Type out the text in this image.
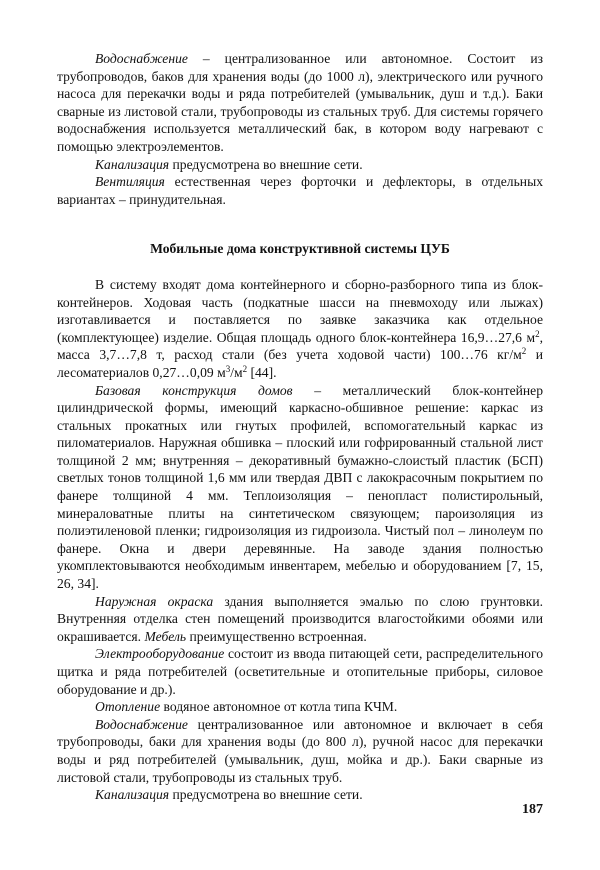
Водоснабжение – централизованное или автономное. Состоит из трубопроводов, баков для хранения воды (до 1000 л), электрического или ручного насоса для перекачки воды и ряда потребителей (умывальник, душ и т.д.). Баки сварные из листовой стали, трубопроводы из стальных труб. Для системы горячего водоснабжения используется металлический бак, в котором воду нагревают с помощью электроэлементов.

Канализация предусмотрена во внешние сети.

Вентиляция естественная через форточки и дефлекторы, в отдельных вариантах – принудительная.

Мобильные дома конструктивной системы ЦУБ

В систему входят дома контейнерного и сборно-разборного типа из блок-контейнеров. Ходовая часть (подкатные шасси на пневмоходу или лыжах) изготавливается и поставляется по заявке заказчика как отдельное (комплектующее) изделие. Общая площадь одного блок-контейнера 16,9…27,6 $м^2$, масса 3,7…7,8 т, расход стали (без учета ходовой части) 100…76 $кг/м^2$ и лесоматериалов 0,27…0,09 $м^3/м^2$ [44].

Базовая конструкция домов – металлический блок-контейнер цилиндрической формы, имеющий каркасно-обшивное решение: каркас из стальных прокатных или гнутых профилей, вспомогательный каркас из пиломатериалов. Наружная обшивка – плоский или гофрированный стальной лист толщиной 2 мм; внутренняя – декоративный бумажно-слоистый пластик (БСП) светлых тонов толщиной 1,6 мм или твердая ДВП с лакокрасочным покрытием по фанере толщиной 4 мм. Теплоизоляция – пенопласт полистирольный, минераловатные плиты на синтетическом связующем; пароизоляция из полиэтиленовой пленки; гидроизоляция из гидроизола. Чистый пол – линолеум по фанере. Окна и двери деревянные. На заводе здания полностью укомплектовываются необходимым инвентарем, мебелью и оборудованием [7, 15, 26, 34].

Наружная окраска здания выполняется эмалью по слою грунтовки. Внутренняя отделка стен помещений производится влагостойкими обоями или окрашивается. Мебель преимущественно встроенная.

Электрооборудование состоит из ввода питающей сети, распределительного щитка и ряда потребителей (осветительные и отопительные приборы, силовое оборудование и др.).

Отопление водяное автономное от котла типа КЧМ.

Водоснабжение централизованное или автономное и включает в себя трубопроводы, баки для хранения воды (до 800 л), ручной насос для перекачки воды и ряд потребителей (умывальник, душ, мойка и др.). Баки сварные из листовой стали, трубопроводы из стальных труб.

Канализация предусмотрена во внешние сети.

187
